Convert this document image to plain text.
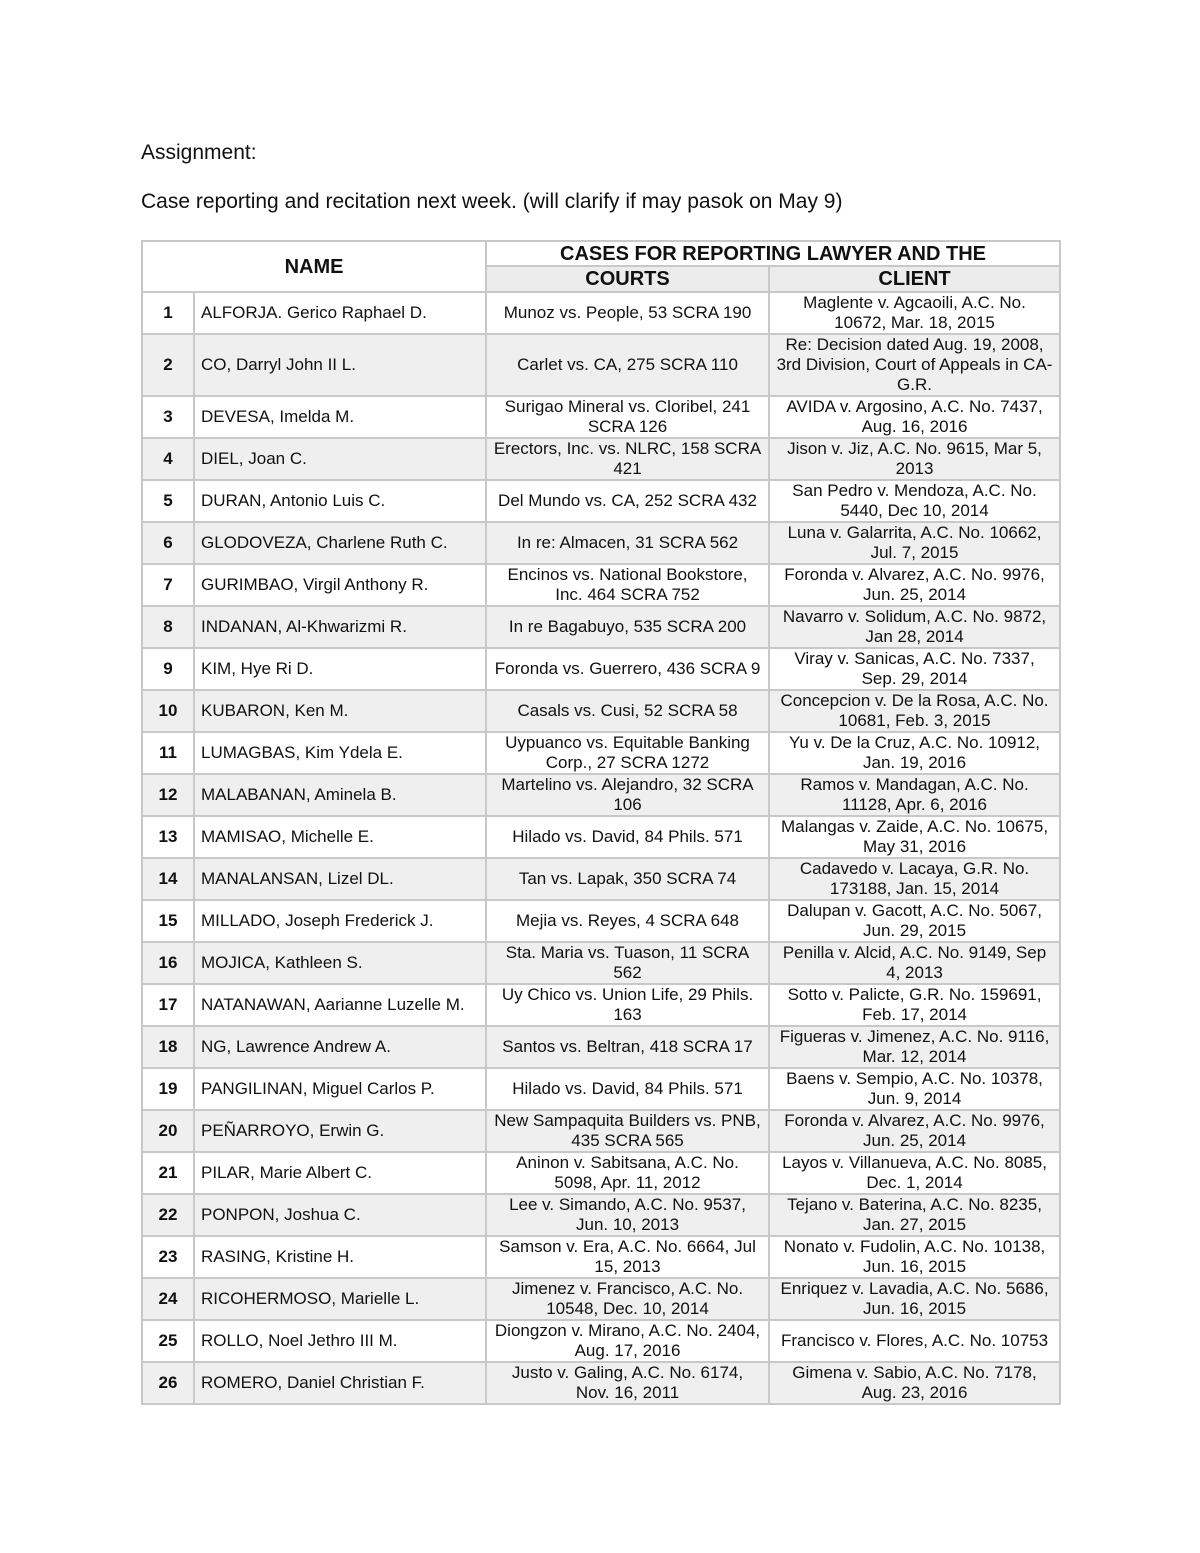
Assignment:

Case reporting and recitation next week. (will clarify if may pasok on May 9)

NAME		CASES FOR REPORTING LAWYER AND THE	
		COURTS	CLIENT
1	ALFORJA. Gerico Raphael D.	Munoz vs. People, 53 SCRA 190	Maglente v. Agcaoili, A.C. No. 10672, Mar. 18, 2015
2	CO, Darryl John II L.	Carlet vs. CA, 275 SCRA 110	Re: Decision dated Aug. 19, 2008, 3rd Division, Court of Appeals in CA-G.R.
3	DEVESA, Imelda M.	Surigao Mineral vs. Cloribel, 241 SCRA 126	AVIDA v. Argosino, A.C. No. 7437, Aug. 16, 2016
4	DIEL, Joan C.	Erectors, Inc. vs. NLRC, 158 SCRA 421	Jison v. Jiz, A.C. No. 9615, Mar 5, 2013
5	DURAN, Antonio Luis C.	Del Mundo vs. CA, 252 SCRA 432	San Pedro v. Mendoza, A.C. No. 5440, Dec 10, 2014
6	GLODOVEZA, Charlene Ruth C.	In re: Almacen, 31 SCRA 562	Luna v. Galarrita, A.C. No. 10662, Jul. 7, 2015
7	GURIMBAO, Virgil Anthony R.	Encinos vs. National Bookstore, Inc. 464 SCRA 752	Foronda v. Alvarez, A.C. No. 9976, Jun. 25, 2014
8	INDANAN, Al-Khwarizmi R.	In re Bagabuyo, 535 SCRA 200	Navarro v. Solidum, A.C. No. 9872, Jan 28, 2014
9	KIM, Hye Ri D.	Foronda vs. Guerrero, 436 SCRA 9	Viray v. Sanicas, A.C. No. 7337, Sep. 29, 2014
10	KUBARON, Ken M.	Casals vs. Cusi, 52 SCRA 58	Concepcion v. De la Rosa, A.C. No. 10681, Feb. 3, 2015
11	LUMAGBAS, Kim Ydela E.	Uypuanco vs. Equitable Banking Corp., 27 SCRA 1272	Yu v. De la Cruz, A.C. No. 10912, Jan. 19, 2016
12	MALABANAN, Aminela B.	Martelino vs. Alejandro, 32 SCRA 106	Ramos v. Mandagan, A.C. No. 11128, Apr. 6, 2016
13	MAMISAO, Michelle E.	Hilado vs. David, 84 Phils. 571	Malangas v. Zaide, A.C. No. 10675, May 31, 2016
14	MANALANSAN, Lizel DL.	Tan vs. Lapak, 350 SCRA 74	Cadavedo v. Lacaya, G.R. No. 173188, Jan. 15, 2014
15	MILLADO, Joseph Frederick J.	Mejia vs. Reyes, 4 SCRA 648	Dalupan v. Gacott, A.C. No. 5067, Jun. 29, 2015
16	MOJICA, Kathleen S.	Sta. Maria vs. Tuason, 11 SCRA 562	Penilla v. Alcid, A.C. No. 9149, Sep 4, 2013
17	NATANAWAN, Aarianne Luzelle M.	Uy Chico vs. Union Life, 29 Phils. 163	Sotto v. Palicte, G.R. No. 159691, Feb. 17, 2014
18	NG, Lawrence Andrew A.	Santos vs. Beltran, 418 SCRA 17	Figueras v. Jimenez, A.C. No. 9116, Mar. 12, 2014
19	PANGILINAN, Miguel Carlos P.	Hilado vs. David, 84 Phils. 571	Baens v. Sempio, A.C. No. 10378, Jun. 9, 2014
20	PEÑARROYO, Erwin G.	New Sampaquita Builders vs. PNB, 435 SCRA 565	Foronda v. Alvarez, A.C. No. 9976, Jun. 25, 2014
21	PILAR, Marie Albert C.	Aninon v. Sabitsana, A.C. No. 5098, Apr. 11, 2012	Layos v. Villanueva, A.C. No. 8085, Dec. 1, 2014
22	PONPON, Joshua C.	Lee v. Simando, A.C. No. 9537, Jun. 10, 2013	Tejano v. Baterina, A.C. No. 8235, Jan. 27, 2015
23	RASING, Kristine H.	Samson v. Era, A.C. No. 6664, Jul 15, 2013	Nonato v. Fudolin, A.C. No. 10138, Jun. 16, 2015
24	RICOHERMOSO, Marielle L.	Jimenez v. Francisco, A.C. No. 10548, Dec. 10, 2014	Enriquez v. Lavadia, A.C. No. 5686, Jun. 16, 2015
25	ROLLO, Noel Jethro III M.	Diongzon v. Mirano, A.C. No. 2404, Aug. 17, 2016	Francisco v. Flores, A.C. No. 10753
26	ROMERO, Daniel Christian F.	Justo v. Galing, A.C. No. 6174, Nov. 16, 2011	Gimena v. Sabio, A.C. No. 7178, Aug. 23, 2016
